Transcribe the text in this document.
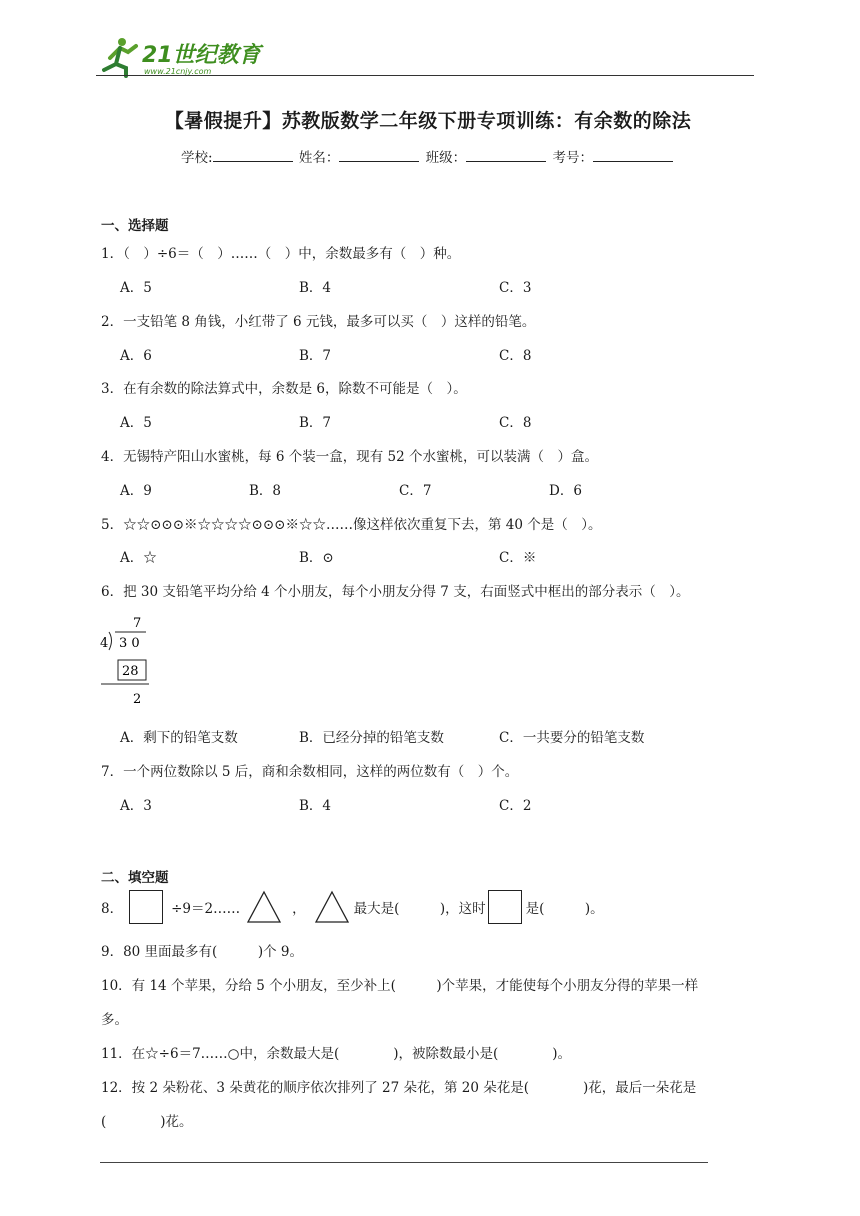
21世纪教育
www.21cnjy.com
【暑假提升】苏教版数学二年级下册专项训练：有余数的除法
学校:	姓名：	班级：	考号：
一、选择题
1．（　）÷6＝（　）……（　）中，余数最多有（　）种。
A．5	B．4	C．3
2．一支铅笔 8 角钱，小红带了 6 元钱，最多可以买（　）这样的铅笔。
A．6	B．7	C．8
3．在有余数的除法算式中，余数是 6，除数不可能是（　）。
A．5	B．7	C．8
4．无锡特产阳山水蜜桃，每 6 个装一盒，现有 52 个水蜜桃，可以装满（　）盒。
A．9	B．8	C．7	D．6
5．☆☆⊙⊙⊙※☆☆☆☆⊙⊙⊙※☆☆……像这样依次重复下去，第 40 个是（　）。
A．☆	B．⊙	C．※
6．把 30 支铅笔平均分给 4 个小朋友，每个小朋友分得 7 支，右面竖式中框出的部分表示（　）。
7
4 3 0
28
2
A．剩下的铅笔支数	B．已经分掉的铅笔支数	C．一共要分的铅笔支数
7．一个两位数除以 5 后，商和余数相同，这样的两位数有（　）个。
A．3	B．4	C．2
二、填空题
8．	÷9＝2……	，	最大是(　　　)，这时	是(　　　)。
9．80 里面最多有(　　　)个 9。
10．有 14 个苹果，分给 5 个小朋友，至少补上(　　　)个苹果，才能使每个小朋友分得的苹果一样
多。
11．在☆÷6＝7……○中，余数最大是(　　　　)，被除数最小是(　　　　)。
12．按 2 朵粉花、3 朵黄花的顺序依次排列了 27 朵花，第 20 朵花是(　　　　)花，最后一朵花是
(　　　　)花。
